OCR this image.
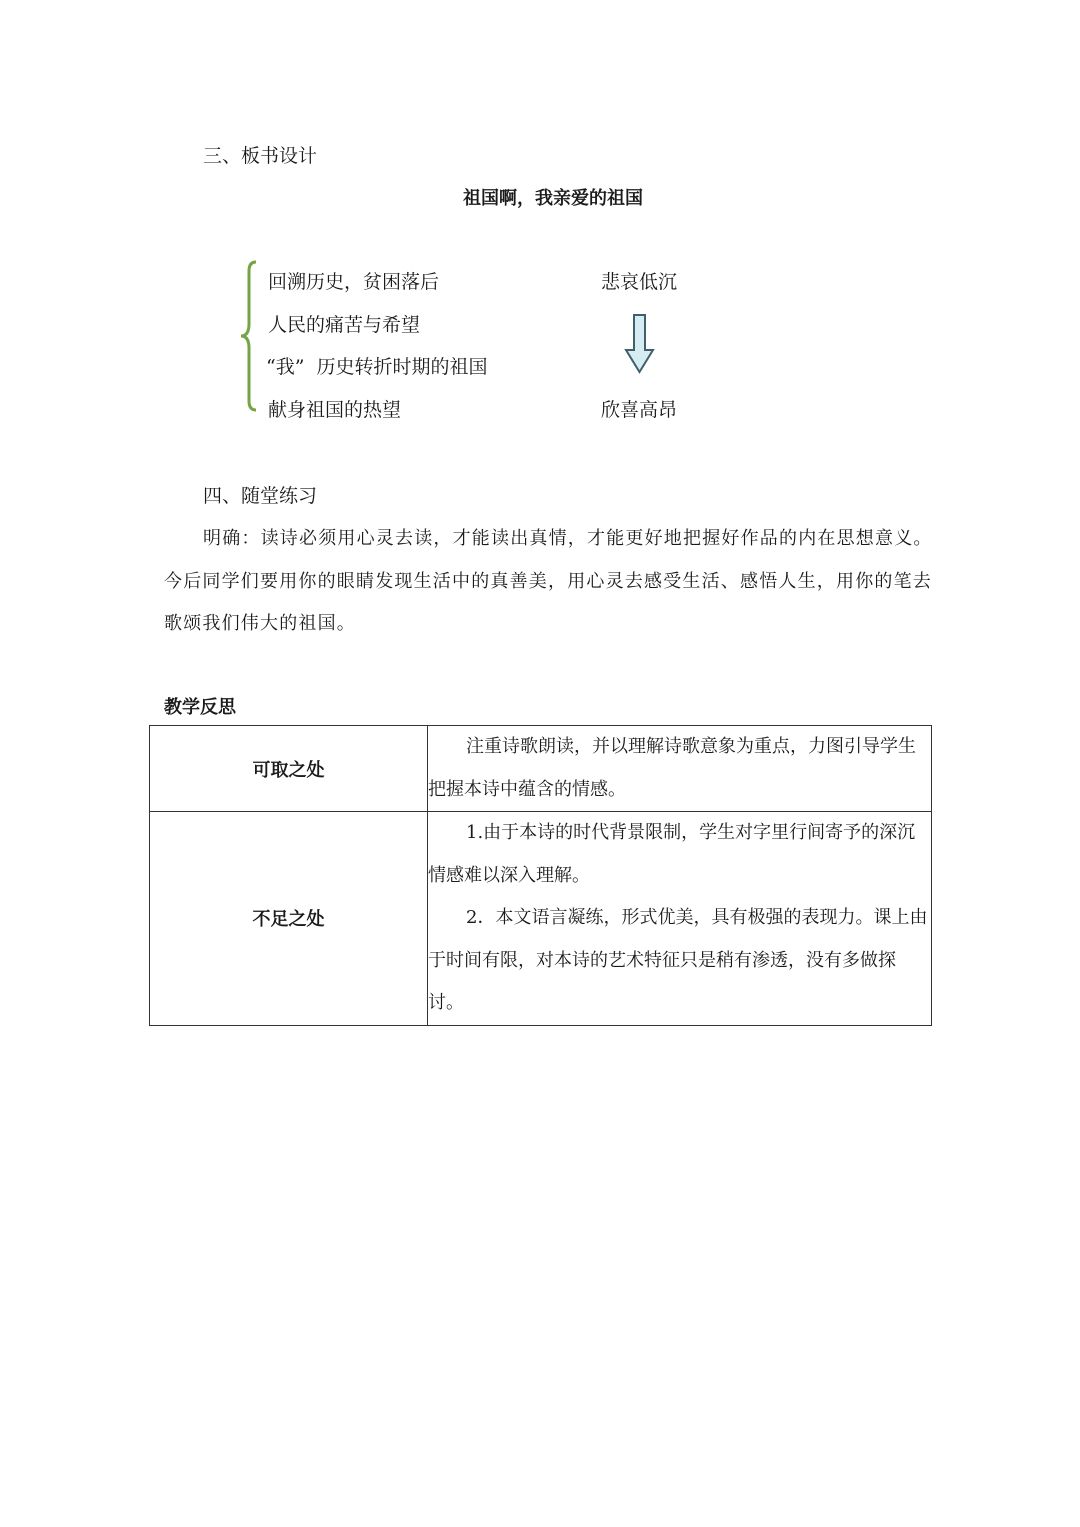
三、板书设计
祖国啊，我亲爱的祖国
回溯历史，贫困落后
人民的痛苦与希望
“我”  历史转折时期的祖国
献身祖国的热望
悲哀低沉
欣喜高昂
四、随堂练习
明确：读诗必须用心灵去读，才能读出真情，才能更好地把握好作品的内在思想意义。
今后同学们要用你的眼睛发现生活中的真善美，用心灵去感受生活、感悟人生，用你的笔去
歌颂我们伟大的祖国。
教学反思
可取之处	注重诗歌朗读，并以理解诗歌意象为重点，力图引导学生把握本诗中蕴含的情感。

不足之处	1.由于本诗的时代背景限制，学生对字里行间寄予的深沉情感难以深入理解。

2．本文语言凝练，形式优美，具有极强的表现力。课上由于时间有限，对本诗的艺术特征只是稍有渗透，没有多做探讨。
